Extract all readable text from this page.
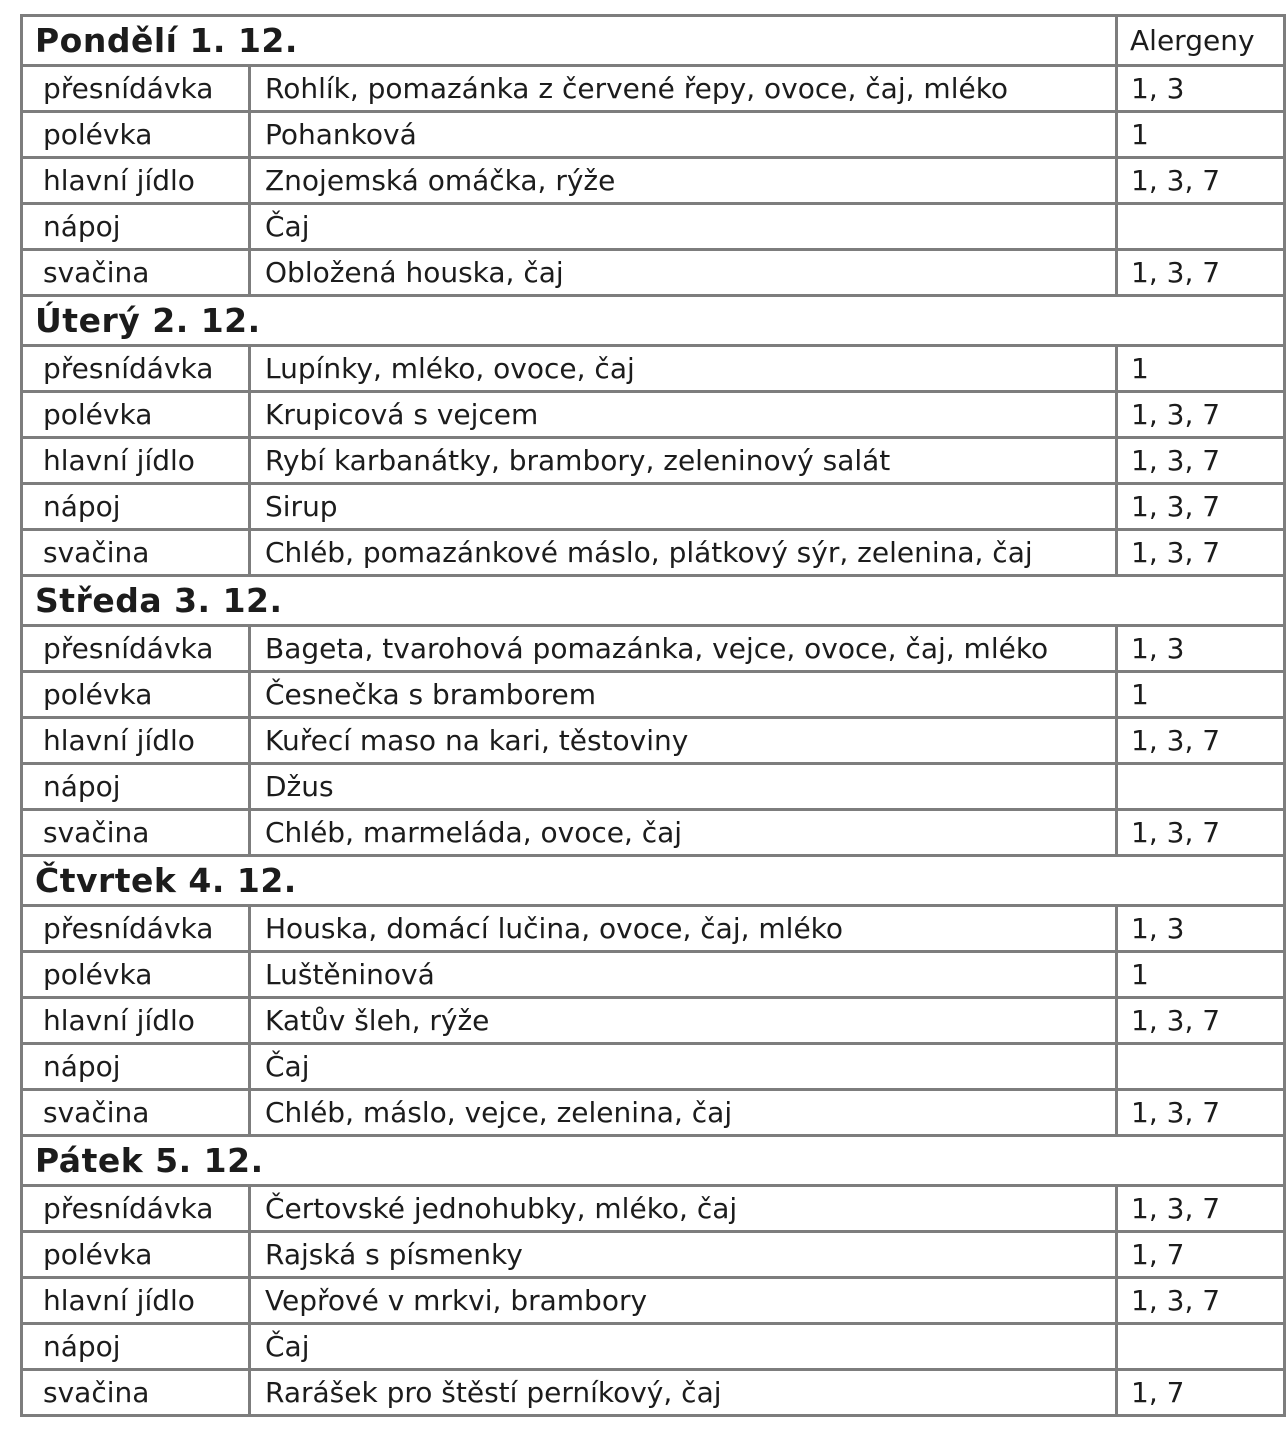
Pondělí 1. 12.		Alergeny
přesnídávka	Rohlík, pomazánka z červené řepy, ovoce, čaj, mléko	1, 3
polévka	Pohanková	1
hlavní jídlo	Znojemská omáčka, rýže	1, 3, 7
nápoj	Čaj	
svačina	Obložená houska, čaj	1, 3, 7
Úterý 2. 12.		
přesnídávka	Lupínky, mléko, ovoce, čaj	1
polévka	Krupicová s vejcem	1, 3, 7
hlavní jídlo	Rybí karbanátky, brambory, zeleninový salát	1, 3, 7
nápoj	Sirup	1, 3, 7
svačina	Chléb, pomazánkové máslo, plátkový sýr, zelenina, čaj	1, 3, 7
Středa 3. 12.		
přesnídávka	Bageta, tvarohová pomazánka, vejce, ovoce, čaj, mléko	1, 3
polévka	Česnečka s bramborem	1
hlavní jídlo	Kuřecí maso na kari, těstoviny	1, 3, 7
nápoj	Džus	
svačina	Chléb, marmeláda, ovoce, čaj	1, 3, 7
Čtvrtek 4. 12.		
přesnídávka	Houska, domácí lučina, ovoce, čaj, mléko	1, 3
polévka	Luštěninová	1
hlavní jídlo	Katův šleh, rýže	1, 3, 7
nápoj	Čaj	
svačina	Chléb, máslo, vejce, zelenina, čaj	1, 3, 7
Pátek 5. 12.		
přesnídávka	Čertovské jednohubky, mléko, čaj	1, 3, 7
polévka	Rajská s písmenky	1, 7
hlavní jídlo	Vepřové v mrkvi, brambory	1, 3, 7
nápoj	Čaj	
svačina	Rarášek pro štěstí perníkový, čaj	1, 7
